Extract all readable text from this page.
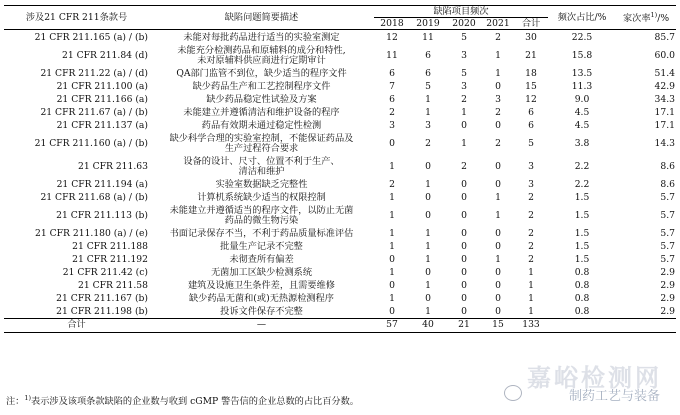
涉及21 CFR 211条款号	缺陷问题简要描述	缺陷项目频次					频次占比/%	家次率$^{1)}$/%
		2018	2019	2020	2021	合计		

21 CFR 211.165 (a) / (b)	未能对每批药品进行适当的实验室测定	12	11	5	2	30	22.5	85.7
21 CFR 211.84 (d)	未能充分检测药品和原辅料的成分和特性,
未对原辅料供应商进行定期审计	11	6	3	1	21	15.8	60.0
21 CFR 211.22 (a) / (d)	QA部门监管不到位，缺少适当的程序文件	6	6	5	1	18	13.5	51.4
21 CFR 211.100 (a)	缺少药品生产和工艺控制程序文件	7	5	3	0	15	11.3	42.9
21 CFR 211.166 (a)	缺少药品稳定性试验及方案	6	1	2	3	12	9.0	34.3
21 CFR 211.67 (a) / (b)	未能建立并遵循清洁和维护设备的程序	2	1	1	2	6	4.5	17.1
21 CFR 211.137 (a)	药品有效期未通过稳定性检测	3	3	0	0	6	4.5	17.1
21 CFR 211.160 (a) / (b)	缺少科学合理的实验室控制，不能保证药品及
生产过程符合要求	0	2	1	2	5	3.8	14.3
21 CFR 211.63	设备的设计、尺寸、位置不利于生产、
清洁和维护	1	0	2	0	3	2.2	8.6
21 CFR 211.194 (a)	实验室数据缺乏完整性	2	1	0	0	3	2.2	8.6
21 CFR 211.68 (a) / (b)	计算机系统缺少适当的权限控制	1	0	0	1	2	1.5	5.7
21 CFR 211.113 (b)	未能建立并遵循适当的程序文件，以防止无菌
药品的微生物污染	1	0	0	1	2	1.5	5.7
21 CFR 211.180 (a) / (e)	书面记录保存不当，不利于药品质量标准评估	1	1	0	0	2	1.5	5.7
21 CFR 211.188	批量生产记录不完整	1	1	0	0	2	1.5	5.7
21 CFR 211.192	未彻查所有偏差	0	1	0	1	2	1.5	5.7
21 CFR 211.42 (c)	无菌加工区缺少检测系统	1	0	0	0	1	0.8	2.9
21 CFR 211.58	建筑及设施卫生条件差，且需要维修	0	1	0	0	1	0.8	2.9
21 CFR 211.167 (b)	缺少药品无菌和(或)无热源检测程序	1	0	0	0	1	0.8	2.9
21 CFR 211.198 (b)	投诉文件保存不完整	0	1	0	0	1	0.8	2.9
合计	—	57	40	21	15	133		
注：$^{1)}$表示涉及该项条款缺陷的企业数与收到 cGMP 警告信的企业总数的占比百分数。
嘉峪检测网
制药工艺与装备
